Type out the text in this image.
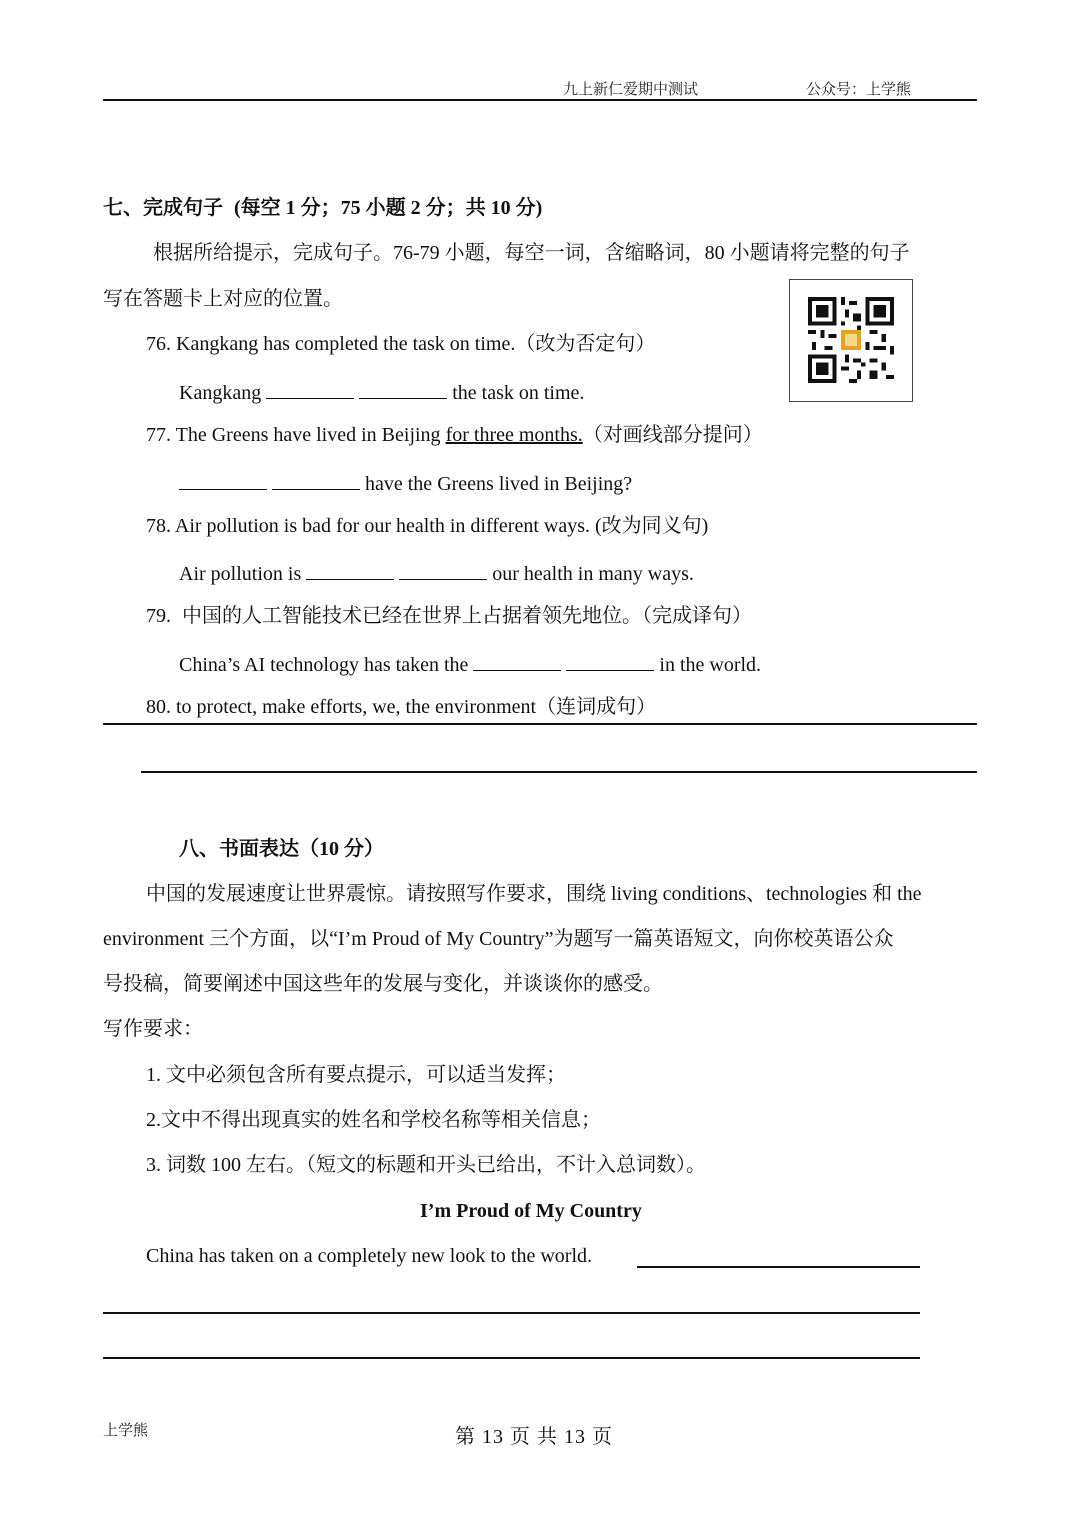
九上新仁爱期中测试	公众号：上学熊
七、完成句子 (每空 1 分；75 小题 2 分；共 10 分)
根据所给提示，完成句子。76-79 小题，每空一词，含缩略词，80 小题请将完整的句子
写在答题卡上对应的位置。
76. Kangkang has completed the task on time.（改为否定句）
Kangkang	the task on time.
77. The Greens have lived in Beijing for three months.（对画线部分提问）
have the Greens lived in Beijing?
78. Air pollution is bad for our health in different ways. (改为同义句)
Air pollution is	our health in many ways.
79. 中国的人工智能技术已经在世界上占据着领先地位。（完成译句）
China’s AI technology has taken the	in the world.
80. to protect, make efforts, we, the environment（连词成句）
八、书面表达（10 分）
中国的发展速度让世界震惊。请按照写作要求，围绕 living conditions、technologies 和 the
environment 三个方面，以“I’m Proud of My Country”为题写一篇英语短文，向你校英语公众
号投稿，简要阐述中国这些年的发展与变化，并谈谈你的感受。
写作要求：
1. 文中必须包含所有要点提示，可以适当发挥；
2.文中不得出现真实的姓名和学校名称等相关信息；
3. 词数 100 左右。（短文的标题和开头已给出，不计入总词数）。
I’m Proud of My Country
China has taken on a completely new look to the world.
上学熊	第 13 页 共 13 页
